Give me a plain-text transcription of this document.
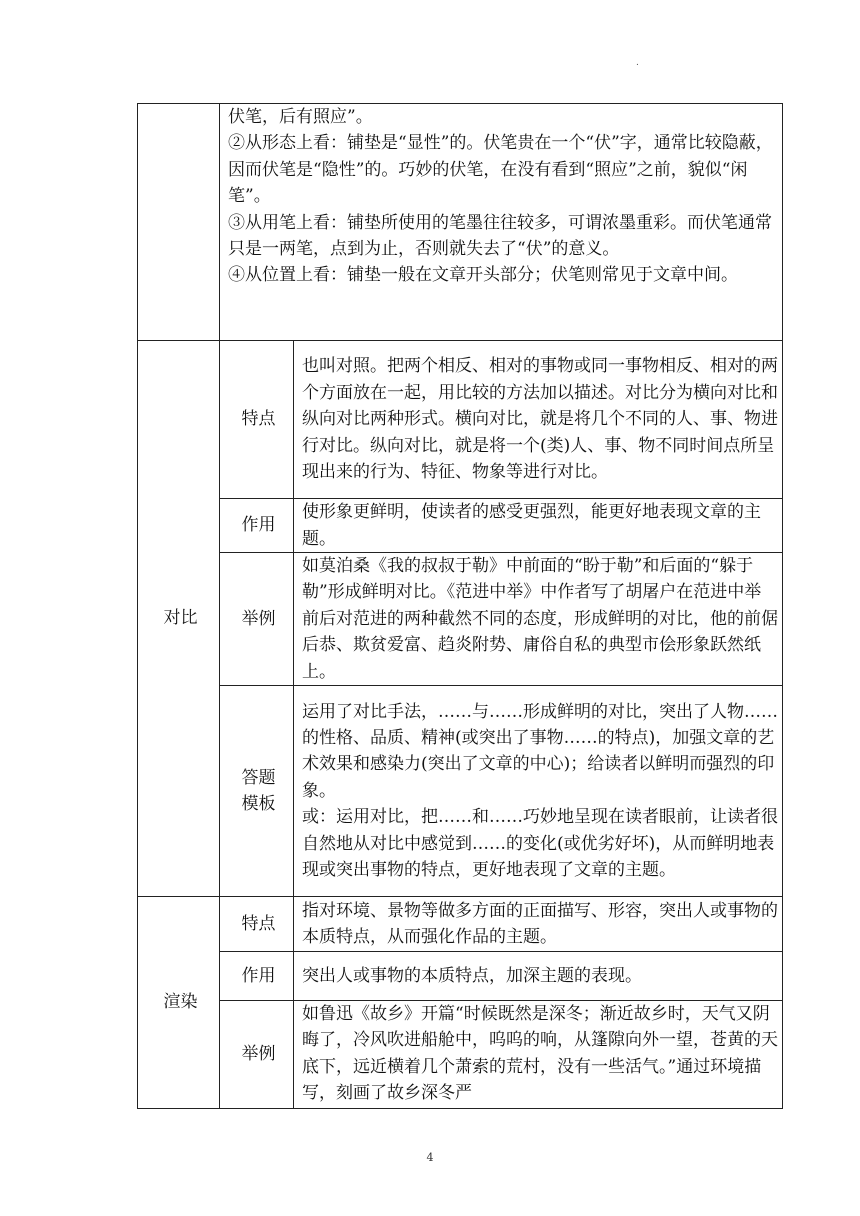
.

	伏笔，后有照应”。
②从形态上看：铺垫是“显性”的。伏笔贵在一个“伏”字，通常比较隐蔽，因而伏笔是“隐性”的。巧妙的伏笔，在没有看到“照应”之前，貌似“闲笔”。
③从用笔上看：铺垫所使用的笔墨往往较多，可谓浓墨重彩。而伏笔通常只是一两笔，点到为止，否则就失去了“伏”的意义。
④从位置上看：铺垫一般在文章开头部分；伏笔则常见于文章中间。	

对比	特点	也叫对照。把两个相反、相对的事物或同一事物相反、相对的两个方面放在一起，用比较的方法加以描述。对比分为横向对比和纵向对比两种形式。横向对比，就是将几个不同的人、事、物进行对比。纵向对比，就是将一个(类)人、事、物不同时间点所呈现出来的行为、特征、物象等进行对比。
	作用	使形象更鲜明，使读者的感受更强烈，能更好地表现文章的主题。
	举例	如莫泊桑《我的叔叔于勒》中前面的“盼于勒”和后面的“躲于勒”形成鲜明对比。《范进中举》中作者写了胡屠户在范进中举前后对范进的两种截然不同的态度，形成鲜明的对比，他的前倨后恭、欺贫爱富、趋炎附势、庸俗自私的典型市侩形象跃然纸上。

	答题
模板	运用了对比手法，……与……形成鲜明的对比，突出了人物……的性格、品质、精神(或突出了事物……的特点)，加强文章的艺术效果和感染力(突出了文章的中心)；给读者以鲜明而强烈的印象。
或：运用对比，把……和……巧妙地呈现在读者眼前，让读者很自然地从对比中感觉到……的变化(或优劣好坏)，从而鲜明地表现或突出事物的特点，更好地表现了文章的主题。

渲染	特点	指对环境、景物等做多方面的正面描写、形容，突出人或事物的本质特点，从而强化作品的主题。
	作用	突出人或事物的本质特点，加深主题的表现。
	举例	如鲁迅《故乡》开篇“时候既然是深冬；渐近故乡时，天气又阴晦了，冷风吹进船舱中，呜呜的响，从篷隙向外一望，苍黄的天底下，远近横着几个萧索的荒村，没有一些活气。”通过环境描写，刻画了故乡深冬严
4
